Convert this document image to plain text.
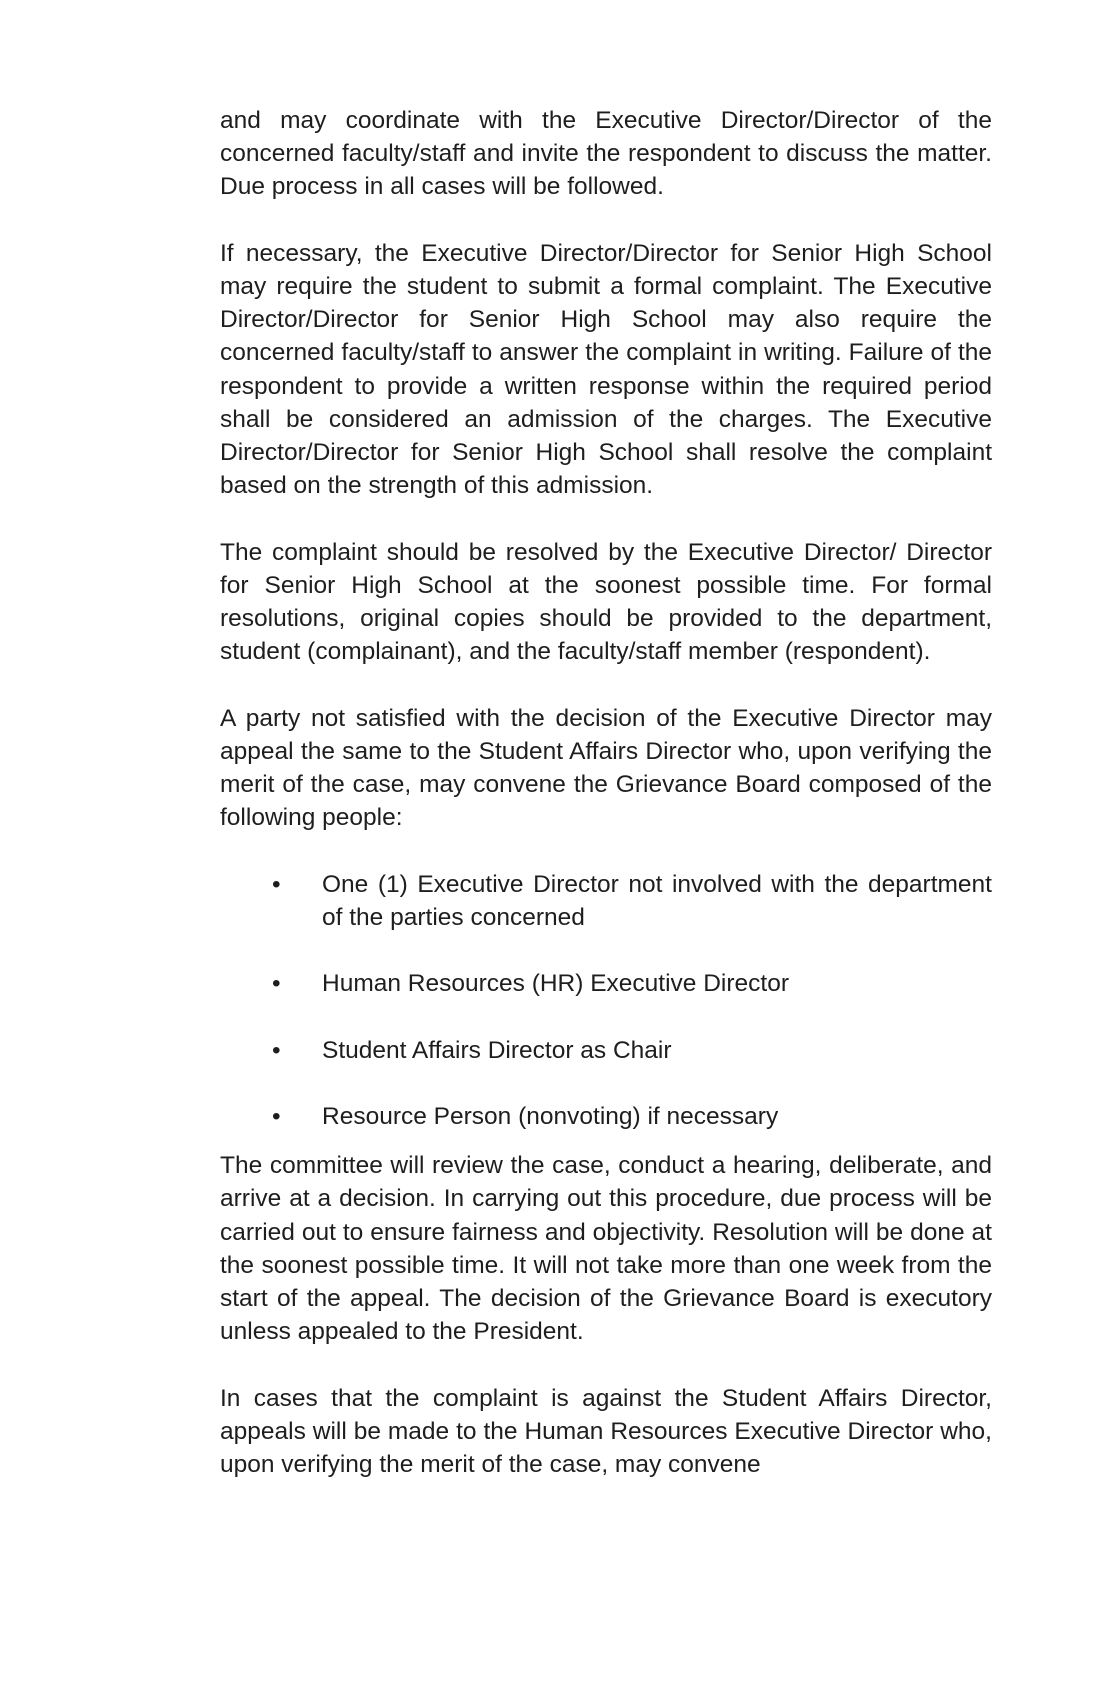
and may coordinate with the Executive Director/Director of the concerned faculty/staff and invite the respondent to discuss the matter. Due process in all cases will be followed.

If necessary, the Executive Director/Director for Senior High School may require the student to submit a formal complaint. The Executive Director/Director for Senior High School may also require the concerned faculty/staff to answer the complaint in writing. Failure of the respondent to provide a written response within the required period shall be considered an admission of the charges. The Executive Director/Director for Senior High School shall resolve the complaint based on the strength of this admission.

The complaint should be resolved by the Executive Director/ Director for Senior High School at the soonest possible time. For formal resolutions, original copies should be provided to the department, student (complainant), and the faculty/staff member (respondent).

A party not satisfied with the decision of the Executive Director may appeal the same to the Student Affairs Director who, upon verifying the merit of the case, may convene the Grievance Board composed of the following people:

• One (1) Executive Director not involved with the department of the parties concerned
• Human Resources (HR) Executive Director
• Student Affairs Director as Chair
• Resource Person (nonvoting) if necessary

The committee will review the case, conduct a hearing, deliberate, and arrive at a decision. In carrying out this procedure, due process will be carried out to ensure fairness and objectivity. Resolution will be done at the soonest possible time. It will not take more than one week from the start of the appeal. The decision of the Grievance Board is executory unless appealed to the President.

In cases that the complaint is against the Student Affairs Director, appeals will be made to the Human Resources Executive Director who, upon verifying the merit of the case, may convene
